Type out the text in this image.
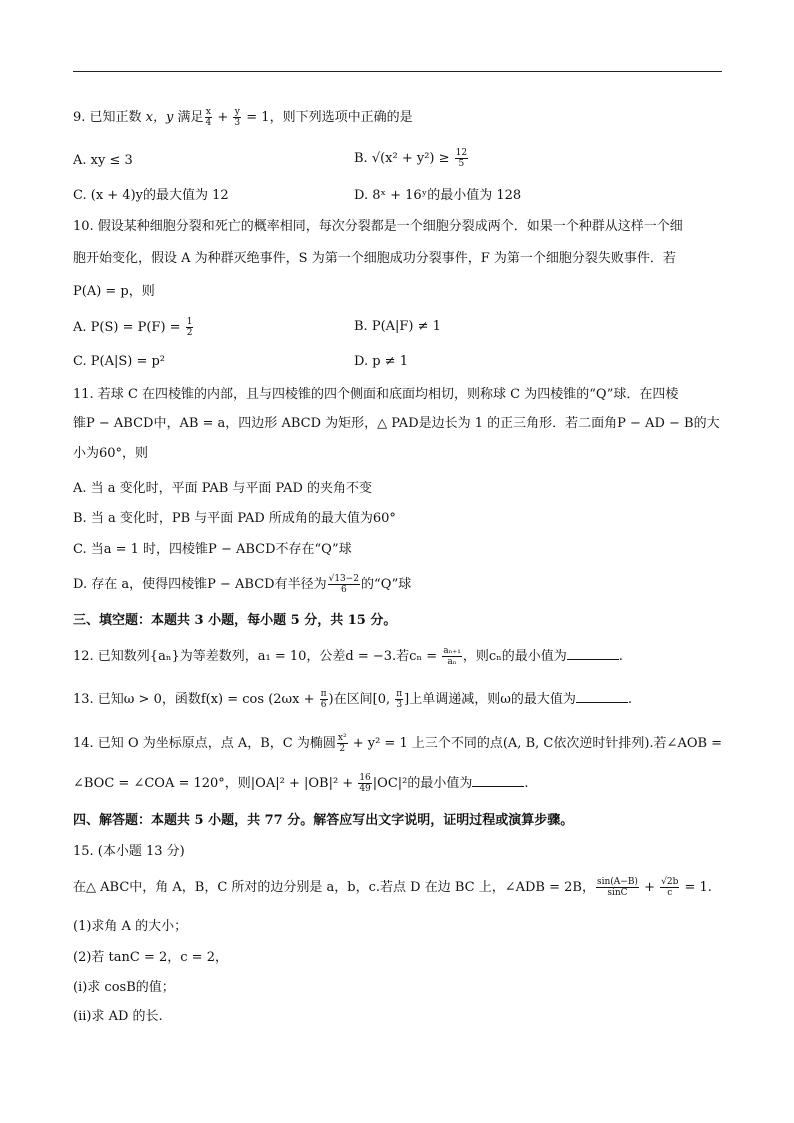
9. 已知正数 x，y 满足 $\frac{x}{4} + \frac{y}{3} = 1$，则下列选项中正确的是
A. xy ≤ 3	B. $√(x^2 + y^2) \ge \frac{12}{5}$
C. (x + 4)y的最大值为 12	D. 8ˣ + 16ʸ的最小值为 128
10. 假设某种细胞分裂和死亡的概率相同，每次分裂都是一个细胞分裂成两个．如果一个种群从这样一个细
胞开始变化，假设 A 为种群灭绝事件，S 为第一个细胞成功分裂事件，F 为第一个细胞分裂失败事件．若
P(A) = p，则
A. $P(S) = P(F) = \frac{1}{2}$	B. P(A|F) ≠ 1
C. P(A|S) = p²	D. p ≠ 1
11. 若球 C 在四棱锥的内部，且与四棱锥的四个侧面和底面均相切，则称球 C 为四棱锥的“Q”球．在四棱
锥P − ABCD中，AB = a，四边形 ABCD 为矩形，△ PAD是边长为 1 的正三角形．若二面角P − AD − B的大
小为60°，则
A. 当 a 变化时，平面 PAB 与平面 PAD 的夹角不变
B. 当 a 变化时，PB 与平面 PAD 所成角的最大值为60°
C. 当a = 1 时，四棱锥P − ABCD不存在“Q”球
D. 存在 a，使得四棱锥P − ABCD有半径为 $\frac{√13-2}{6}$ 的“Q”球
三、填空题：本题共 3 小题，每小题 5 分，共 15 分。
12. 已知数列{aₙ}为等差数列，a₁ = 10，公差d = −3.若$c_n = \frac{\text{aₙ₊₁}}{\text{aₙ}}$ ，则cₙ的最小值为	.
13. 已知ω > 0，函数$f(x) = \cos (2\omega x + \frac{\pi}{6}$ )在区间[0, $\frac{\pi}{3}$ ]上单调递减，则ω的最大值为	.
14. 已知 O 为坐标原点，点 A，B，C 为椭圆 $\frac{\text{x²}}{2} + y^2 = 1$ 上三个不同的点(A, B, C依次逆时针排列).若∠AOB =
∠BOC = ∠COA = 120°，则$|OA|^2 + |OB|^2 + \frac{16}{49} |OC|^2$的最小值为	.
四、解答题：本题共 5 小题，共 77 分。解答应写出文字说明，证明过程或演算步骤。
15. (本小题 13 分)
在△ ABC中，角 A，B，C 所对的边分别是 a，b，c.若点 D 在边 BC 上，∠ADB = 2B， $\frac{\sin(A-B)}{\sin C} + \frac{√2b}{c} = 1$.
(1)求角 A 的大小；
(2)若 tanC = 2，c = 2，
(i)求 cosB的值；
(ii)求 AD 的长.
